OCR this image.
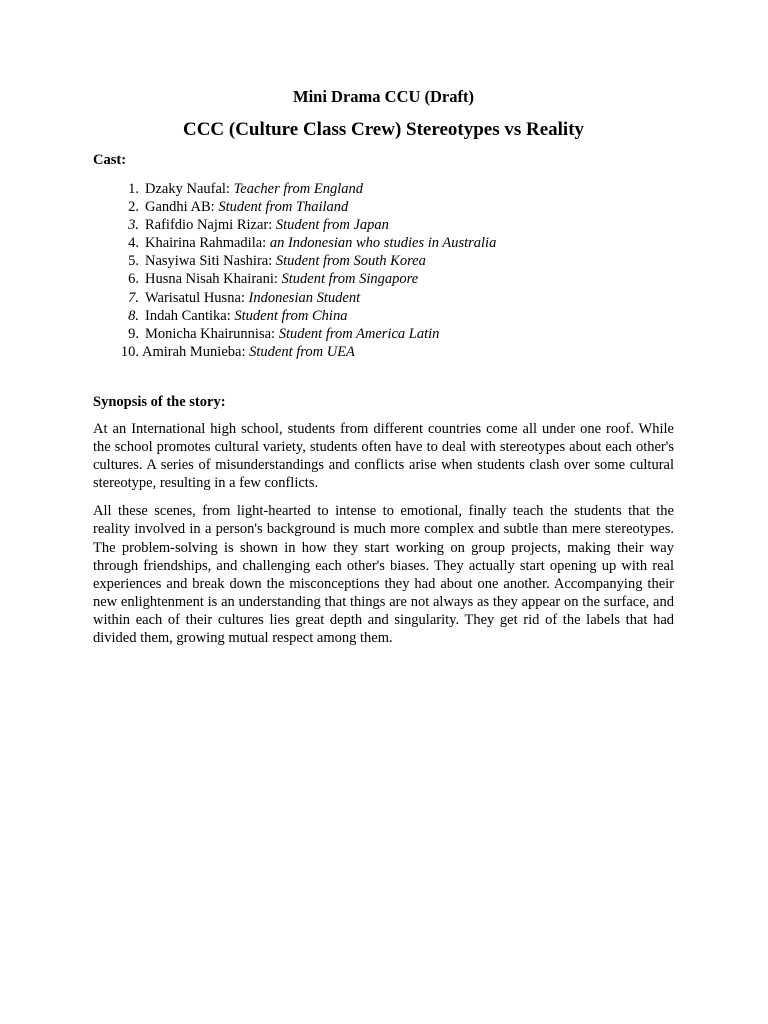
Mini Drama CCU (Draft)
CCC (Culture Class Crew) Stereotypes vs Reality
Cast:
1. Dzaky Naufal: Teacher from England
2. Gandhi AB: Student from Thailand
3. Rafifdio Najmi Rizar: Student from Japan
4. Khairina Rahmadila: an Indonesian who studies in Australia
5. Nasyiwa Siti Nashira: Student from South Korea
6. Husna Nisah Khairani: Student from Singapore
7. Warisatul Husna: Indonesian Student
8. Indah Cantika: Student from China
9. Monicha Khairunnisa: Student from America Latin
10. Amirah Munieba: Student from UEA
Synopsis of the story:

At an International high school, students from different countries come all under one roof. While the school promotes cultural variety, students often have to deal with stereotypes about each other's cultures. A series of misunderstandings and conflicts arise when students clash over some cultural stereotype, resulting in a few conflicts.

All these scenes, from light-hearted to intense to emotional, finally teach the students that the reality involved in a person's background is much more complex and subtle than mere stereotypes. The problem-solving is shown in how they start working on group projects, making their way through friendships, and challenging each other's biases. They actually start opening up with real experiences and break down the misconceptions they had about one another. Accompanying their new enlightenment is an understanding that things are not always as they appear on the surface, and within each of their cultures lies great depth and singularity. They get rid of the labels that had divided them, growing mutual respect among them.
